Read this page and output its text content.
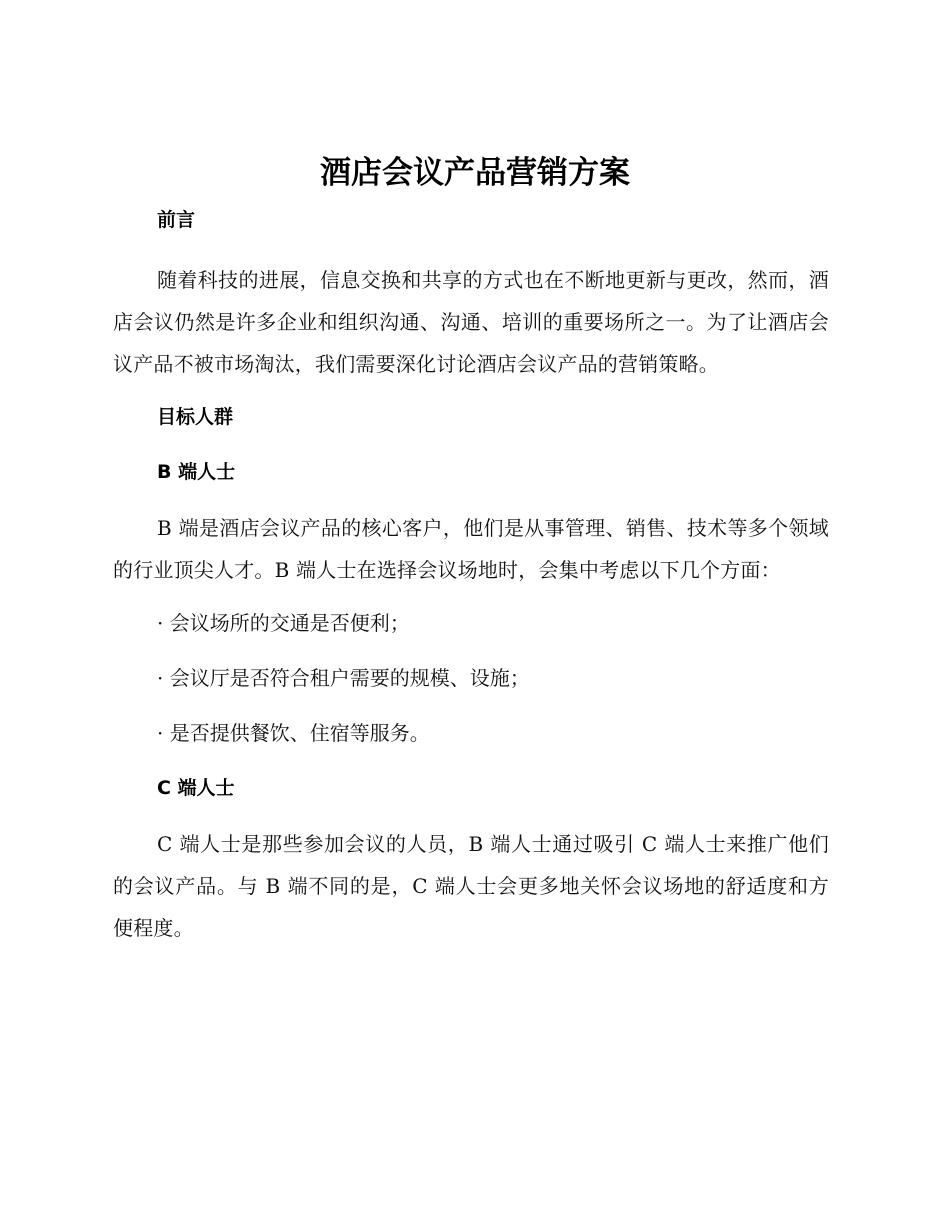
酒店会议产品营销方案

前言

随着科技的进展，信息交换和共享的方式也在不断地更新与更改，然而，酒店会议仍然是许多企业和组织沟通、沟通、培训的重要场所之一。为了让酒店会议产品不被市场淘汰，我们需要深化讨论酒店会议产品的营销策略。

目标人群

B 端人士

B 端是酒店会议产品的核心客户，他们是从事管理、销售、技术等多个领域的行业顶尖人才。B 端人士在选择会议场地时，会集中考虑以下几个方面：

· 会议场所的交通是否便利；

· 会议厅是否符合租户需要的规模、设施；

· 是否提供餐饮、住宿等服务。

C 端人士

C 端人士是那些参加会议的人员，B 端人士通过吸引 C 端人士来推广他们的会议产品。与 B 端不同的是，C 端人士会更多地关怀会议场地的舒适度和方便程度。
